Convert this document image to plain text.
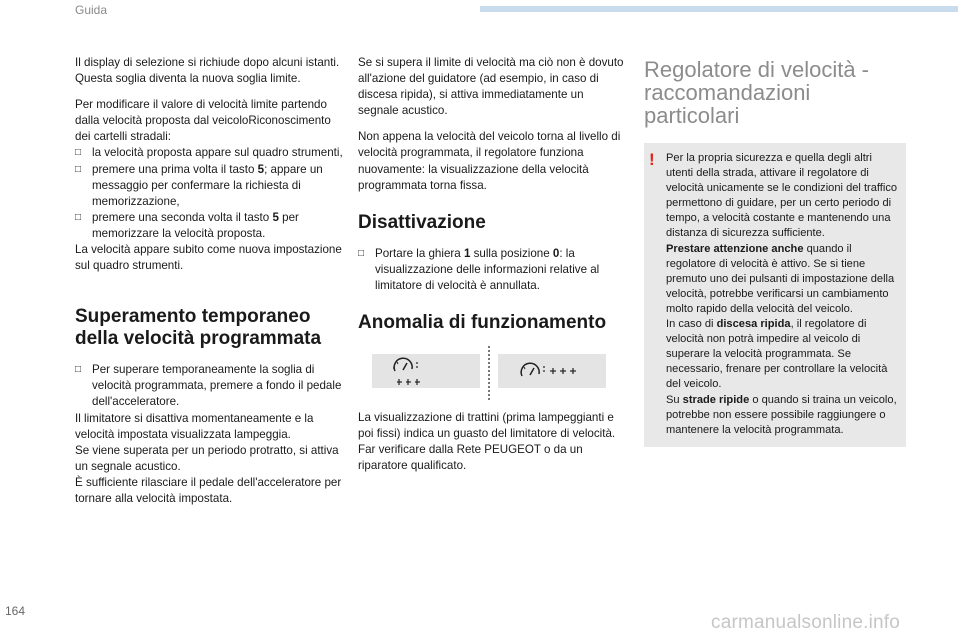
Guida

Il display di selezione si richiude dopo alcuni istanti.

Questa soglia diventa la nuova soglia limite.

Per modificare il valore di velocità limite partendo dalla velocità proposta dal veicoloRiconoscimento dei cartelli stradali:

□ la velocità proposta appare sul quadro strumenti,
□ premere una prima volta il tasto 5; appare un messaggio per confermare la richiesta di memorizzazione,
□ premere una seconda volta il tasto 5 per memorizzare la velocità proposta.

La velocità appare subito come nuova impostazione sul quadro strumenti.

Superamento temporaneo della velocità programmata
□ Per superare temporaneamente la soglia di velocità programmata, premere a fondo il pedale dell'acceleratore.

Il limitatore si disattiva momentaneamente e la velocità impostata visualizzata lampeggia.

Se viene superata per un periodo protratto, si attiva un segnale acustico.

È sufficiente rilasciare il pedale dell'acceleratore per tornare alla velocità impostata.

Se si supera il limite di velocità ma ciò non è dovuto all'azione del guidatore (ad esempio, in caso di discesa ripida), si attiva immediatamente un segnale acustico.

Non appena la velocità del veicolo torna al livello di velocità programmata, il regolatore funziona nuovamente: la visualizzazione della velocità programmata torna fissa.

Disattivazione
□ Portare la ghiera 1 sulla posizione 0: la visualizzazione delle informazioni relative al limitatore di velocità è annullata.
Anomalia di funzionamento

La visualizzazione di trattini (prima lampeggianti e poi fissi) indica un guasto del limitatore di velocità.

Far verificare dalla Rete PEUGEOT o da un riparatore qualificato.

Regolatore di velocità - raccomandazioni particolari
! Per la propria sicurezza e quella degli altri utenti della strada, attivare il regolatore di velocità unicamente se le condizioni del traffico permettono di guidare, per un certo periodo di tempo, a velocità costante e mantenendo una distanza di sicurezza sufficiente.
Prestare attenzione anche quando il regolatore di velocità è attivo. Se si tiene premuto uno dei pulsanti di impostazione della velocità, potrebbe verificarsi un cambiamento molto rapido della velocità del veicolo.
In caso di discesa ripida, il regolatore di velocità non potrà impedire al veicolo di superare la velocità programmata. Se necessario, frenare per controllare la velocità del veicolo.
Su strade ripide o quando si traina un veicolo, potrebbe non essere possibile raggiungere o mantenere la velocità programmata.
164
carmanualsonline.info
